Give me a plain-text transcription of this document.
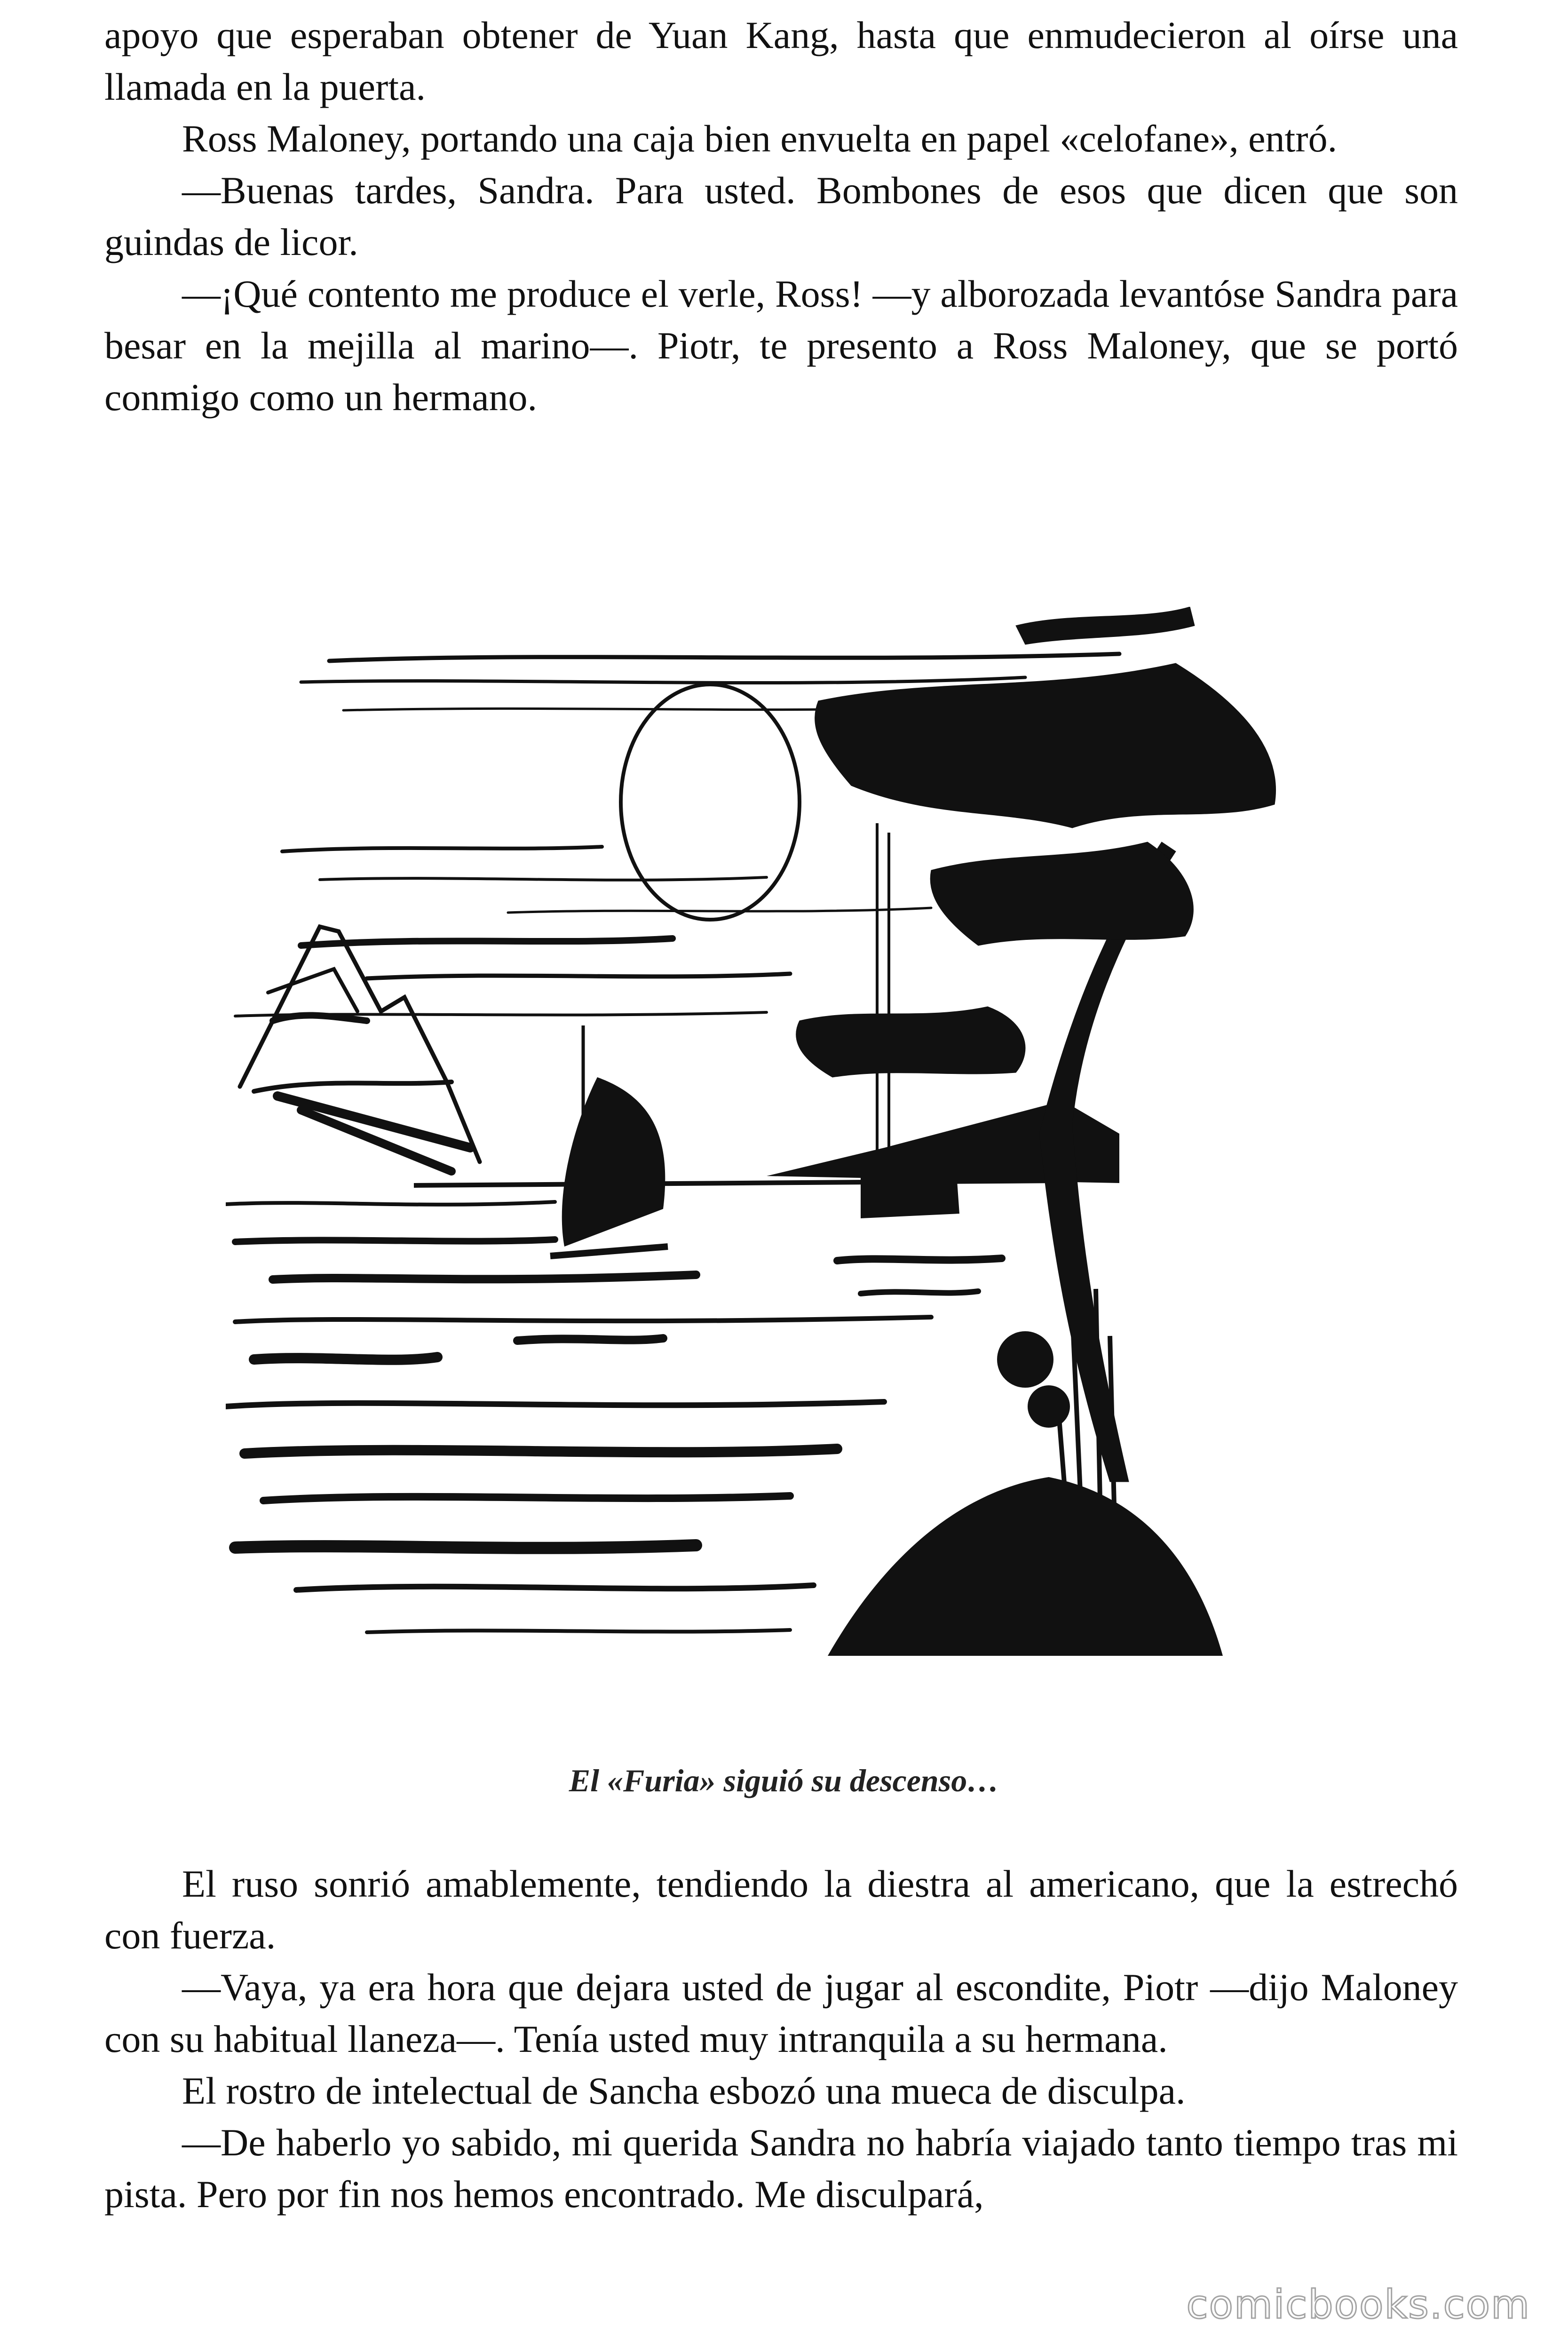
apoyo que esperaban obtener de Yuan Kang, hasta que enmudecieron al oírse una llamada en la puerta.

Ross Maloney, portando una caja bien envuelta en papel «celofane», entró.

—Buenas tardes, Sandra. Para usted. Bombones de esos que dicen que son guindas de licor.

—¡Qué contento me produce el verle, Ross! —y alborozada levantóse Sandra para besar en la mejilla al marino—. Piotr, te presento a Ross Maloney, que se portó conmigo como un hermano.

El «Furia» siguió su descenso…

El ruso sonrió amablemente, tendiendo la diestra al americano, que la estrechó con fuerza.

—Vaya, ya era hora que dejara usted de jugar al escondite, Piotr —dijo Maloney con su habitual llaneza—. Tenía usted muy intranquila a su hermana.

El rostro de intelectual de Sancha esbozó una mueca de disculpa.

—De haberlo yo sabido, mi querida Sandra no habría viajado tanto tiempo tras mi pista. Pero por fin nos hemos encontrado. Me disculpará,

comicbooks.com
